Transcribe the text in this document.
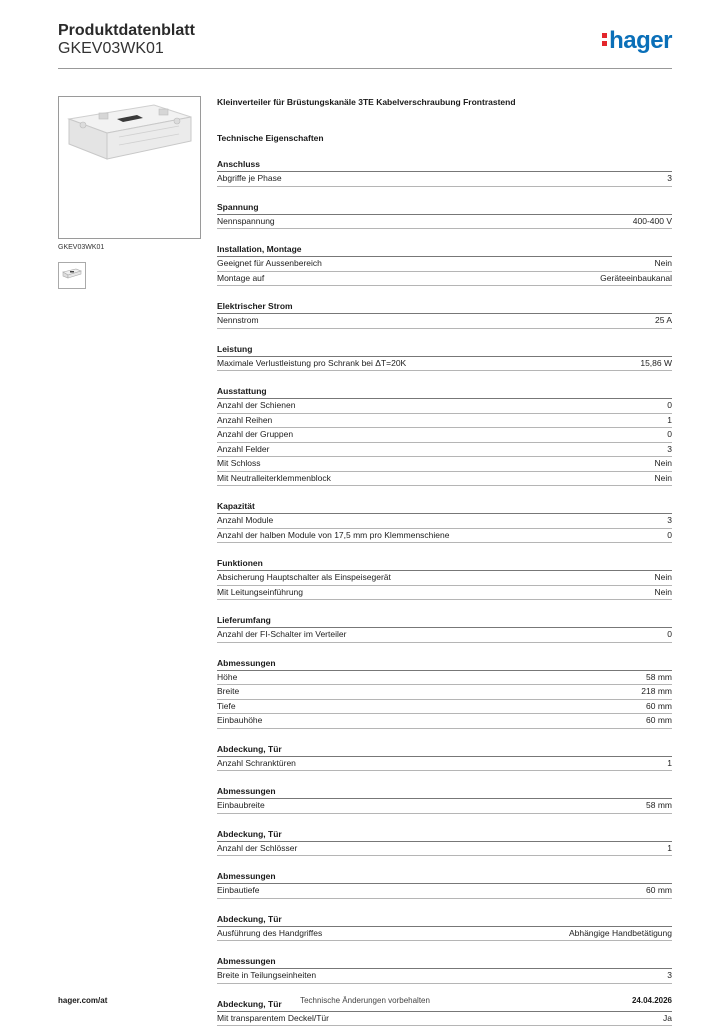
Produktdatenblatt
GKEV03WK01	hager
GKEV03WK01
Kleinverteiler für Brüstungskanäle 3TE Kabelverschraubung Frontrastend
Technische Eigenschaften
Anschluss
Abgriffe je Phase	3
Spannung
Nennspannung	400-400 V
Installation, Montage
Geeignet für Aussenbereich	Nein
Montage auf	Geräteeinbaukanal
Elektrischer Strom
Nennstrom	25 A
Leistung
Maximale Verlustleistung pro Schrank bei ΔT=20K	15,86 W
Ausstattung
Anzahl der Schienen	0
Anzahl Reihen	1
Anzahl der Gruppen	0
Anzahl Felder	3
Mit Schloss	Nein
Mit Neutralleiterklemmenblock	Nein
Kapazität
Anzahl Module	3
Anzahl der halben Module von 17,5 mm pro Klemmenschiene	0
Funktionen
Absicherung Hauptschalter als Einspeisegerät	Nein
Mit Leitungseinführung	Nein
Lieferumfang
Anzahl der FI-Schalter im Verteiler	0
Abmessungen
Höhe	58 mm
Breite	218 mm
Tiefe	60 mm
Einbauhöhe	60 mm
Abdeckung, Tür
Anzahl Schranktüren	1
Abmessungen
Einbaubreite	58 mm
Abdeckung, Tür
Anzahl der Schlösser	1
Abmessungen
Einbautiefe	60 mm
Abdeckung, Tür
Ausführung des Handgriffes	Abhängige Handbetätigung
Abmessungen
Breite in Teilungseinheiten	3
Abdeckung, Tür
Mit transparentem Deckel/Tür	Ja
Technische Änderungen vorbehalten
hager.com/at	24.04.2026
